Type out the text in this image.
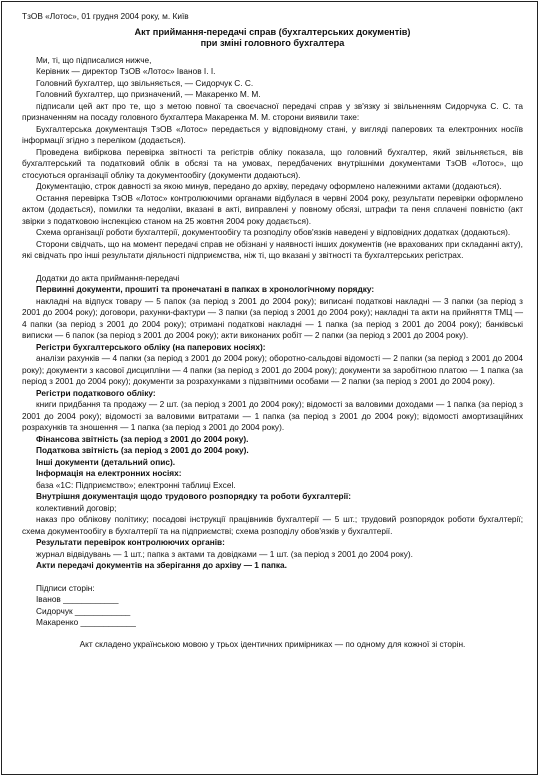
ТзОВ «Лотос», 01 грудня 2004 року, м. Київ

Акт приймання-передачі справ (бухгалтерських документів)

при зміні головного бухгалтера

Ми, ті, що підписалися нижче,

Керівник — директор ТзОВ «Лотос» Іванов І. І.

Головний бухгалтер, що звільняється, — Сидорчук С. С.

Головний бухгалтер, що призначений, — Макаренко М. М.

підписали цей акт про те, що з метою повної та своєчасної передачі справ у зв'язку зі звільненням Сидорчука С. С. та призначенням на посаду головного бухгалтера Макаренка М. М. сторони виявили таке:

Бухгалтерська документація ТзОВ «Лотос» передається у відповідному стані, у вигляді паперових та електронних носіїв інформації згідно з переліком (додається).

Проведена вибіркова перевірка звітності та регістрів обліку показала, що головний бухгалтер, який звільняється, вів бухгалтерський та податковий облік в обсязі та на умовах, передбачених внутрішніми документами ТзОВ «Лотос», що стосуються організації обліку та документообігу (документи додаються).

Документацію, строк давності за якою минув, передано до архіву, передачу оформлено належними актами (додаються).

Остання перевірка ТзОВ «Лотос» контролюючими органами відбулася в червні 2004 року, результати перевірки оформлено актом (додається), помилки та недоліки, вказані в акті, виправлені у повному обсязі, штрафи та пеня сплачені повністю (акт звірки з податковою інспекцією станом на 25 жовтня 2004 року додається).

Схема організації роботи бухгалтерії, документообігу та розподілу обов'язків наведені у відповідних додатках (додаються).

Сторони свідчать, що на момент передачі справ не обізнані у наявності інших документів (не врахованих при складанні акту), які свідчать про інші результати діяльності підприємства, ніж ті, що вказані у звітності та бухгалтерських регістрах.

Додатки до акта приймання-передачі

Первинні документи, прошиті та пронечатані в папках в хронологічному порядку:

накладні на відпуск товару — 5 папок (за період з 2001 до 2004 року); виписані податкові накладні — 3 папки (за період з 2001 до 2004 року); договори, рахунки-фактури — 3 папки (за період з 2001 до 2004 року); накладні та акти на прийняття ТМЦ — 4 папки (за період з 2001 до 2004 року); отримані податкові накладні — 1 папка (за період з 2001 до 2004 року); банківські виписки — 6 папок (за період з 2001 до 2004 року); акти виконаних робіт — 2 папки (за період з 2001 до 2004 року).

Регістри бухгалтерського обліку (на паперових носіях):

аналізи рахунків — 4 папки (за період з 2001 до 2004 року); оборотно-сальдові відомості — 2 папки (за період з 2001 до 2004 року); документи з касової дисципліни — 4 папки (за період з 2001 до 2004 року); документи за заробітною платою — 1 папка (за період з 2001 до 2004 року); документи за розрахунками з підзвітними особами — 2 папки (за період з 2001 до 2004 року).

Регістри податкового обліку:

книги придбання та продажу — 2 шт. (за період з 2001 до 2004 року); відомості за валовими доходами — 1 папка (за період з 2001 до 2004 року); відомості за валовими витратами — 1 папка (за період з 2001 до 2004 року); відомості амортизаційних розрахунків та зношення — 1 папка (за період з 2001 до 2004 року).

Фінансова звітність (за період з 2001 до 2004 року).

Податкова звітність (за період з 2001 до 2004 року).

Інші документи (детальний опис).

Інформація на електронних носіях:

база «1С: Підприємство»; електронні таблиці Excel.

Внутрішня документація щодо трудового розпорядку та роботи бухгалтерії:

колективний договір;

наказ про облікову політику; посадові інструкції працівників бухгалтерії — 5 шт.; трудовий розпорядок роботи бухгалтерії; схема документообігу в бухгалтерії та на підприємстві; схема розподілу обов'язків у бухгалтерії.

Результати перевірок контролюючих органів:

журнал відвідувань — 1 шт.; папка з актами та довідками — 1 шт. (за період з 2001 до 2004 року).

Акти передачі документів на зберігання до архіву — 1 папка.

Підписи сторін:

Іванов ____________

Сидорчук ____________

Макаренко ____________

Акт складено українською мовою у трьох ідентичних примірниках — по одному для кожної зі сторін.
